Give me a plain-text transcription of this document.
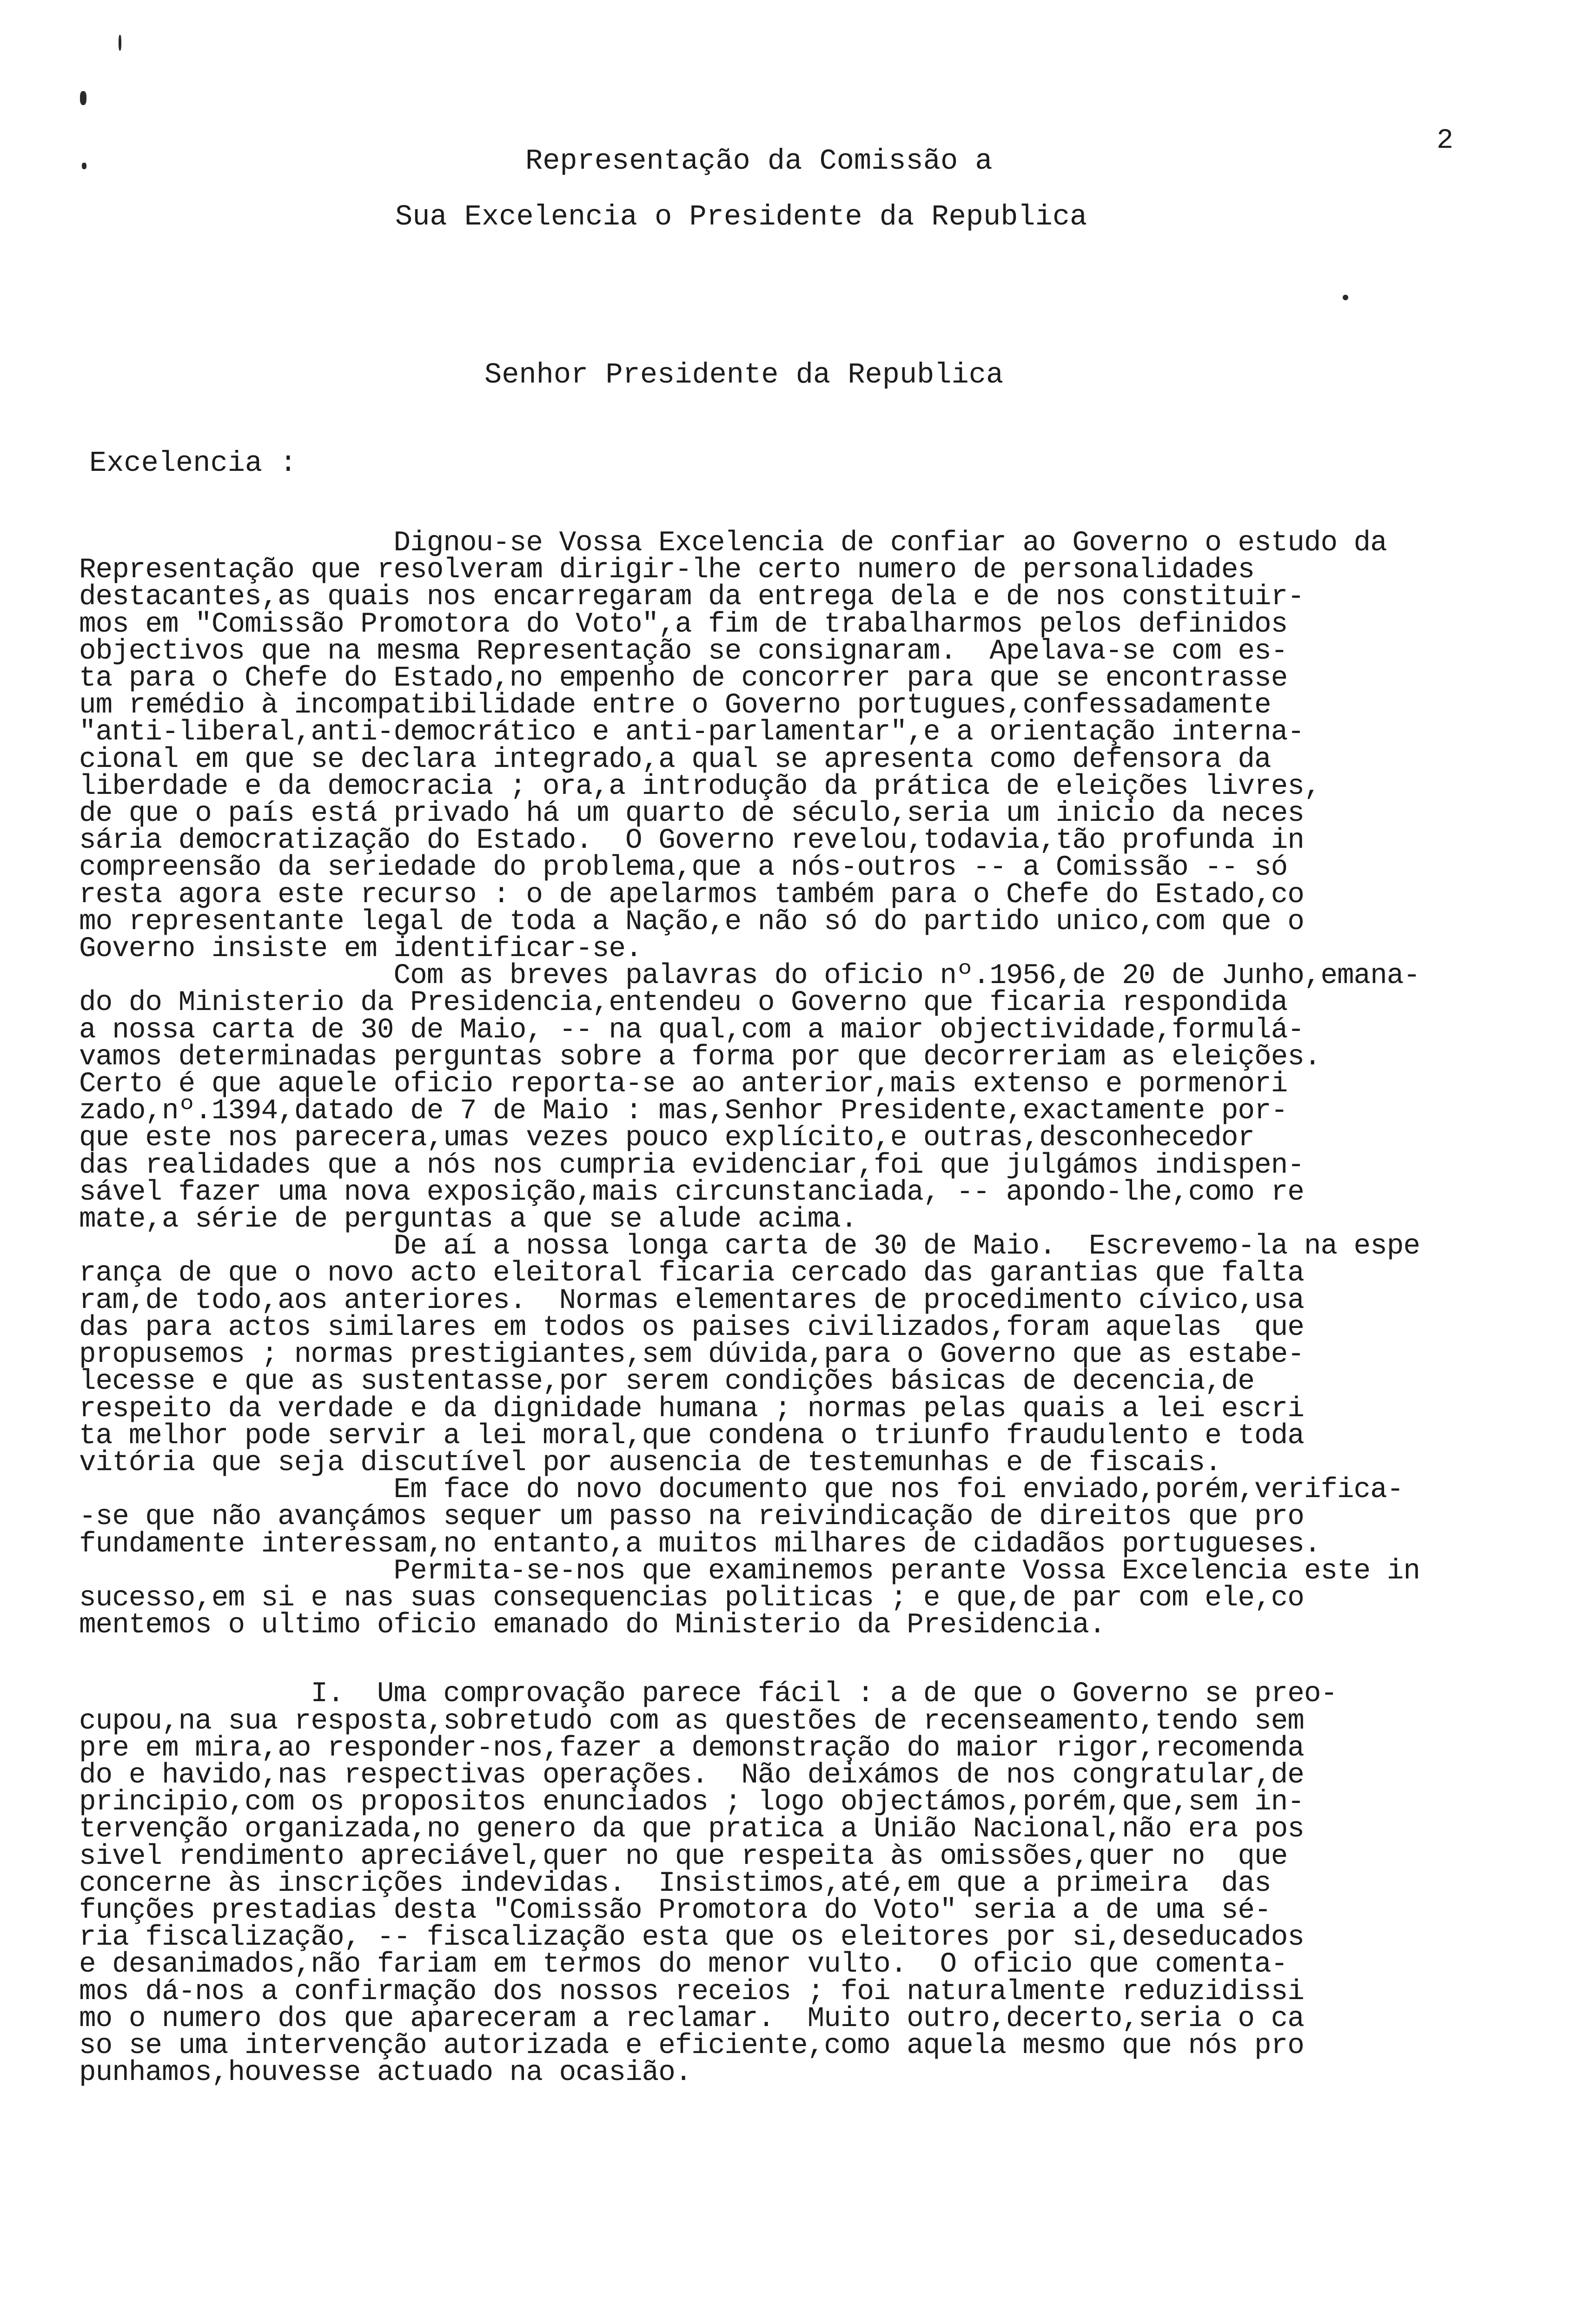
2
Representação da Comissão a
Sua Excelencia o Presidente da Republica
Senhor Presidente da Republica
Excelencia :
Dignou-se Vossa Excelencia de confiar ao Governo o estudo da
Representação que resolveram dirigir-lhe certo numero de personalidades
destacantes,as quais nos encarregaram da entrega dela e de nos constituir-
mos em "Comissão Promotora do Voto",a fim de trabalharmos pelos definidos
objectivos que na mesma Representação se consignaram.  Apelava-se com es-
ta para o Chefe do Estado,no empenho de concorrer para que se encontrasse
um remédio à incompatibilidade entre o Governo portugues,confessadamente
"anti-liberal,anti-democrático e anti-parlamentar",e a orientação interna-
cional em que se declara integrado,a qual se apresenta como defensora da
liberdade e da democracia ; ora,a introdução da prática de eleições livres,
de que o país está privado há um quarto de século,seria um inicio da neces
sária democratização do Estado.  O Governo revelou,todavia,tão profunda in
compreensão da seriedade do problema,que a nós-outros -- a Comissão -- só
resta agora este recurso : o de apelarmos também para o Chefe do Estado,co
mo representante legal de toda a Nação,e não só do partido unico,com que o
Governo insiste em identificar-se.
Com as breves palavras do oficio nº.1956,de 20 de Junho,emana-
do do Ministerio da Presidencia,entendeu o Governo que ficaria respondida
a nossa carta de 30 de Maio, -- na qual,com a maior objectividade,formulá-
vamos determinadas perguntas sobre a forma por que decorreriam as eleições.
Certo é que aquele oficio reporta-se ao anterior,mais extenso e pormenori
zado,nº.1394,datado de 7 de Maio : mas,Senhor Presidente,exactamente por-
que este nos parecera,umas vezes pouco explícito,e outras,desconhecedor
das realidades que a nós nos cumpria evidenciar,foi que julgámos indispen-
sável fazer uma nova exposição,mais circunstanciada, -- apondo-lhe,como re
mate,a série de perguntas a que se alude acima.
De aí a nossa longa carta de 30 de Maio.  Escrevemo-la na espe
rança de que o novo acto eleitoral ficaria cercado das garantias que falta
ram,de todo,aos anteriores.  Normas elementares de procedimento cívico,usa
das para actos similares em todos os paises civilizados,foram aquelas  que
propusemos ; normas prestigiantes,sem dúvida,para o Governo que as estabe-
lecesse e que as sustentasse,por serem condições básicas de decencia,de
respeito da verdade e da dignidade humana ; normas pelas quais a lei escri
ta melhor pode servir a lei moral,que condena o triunfo fraudulento e toda
vitória que seja discutível por ausencia de testemunhas e de fiscais.
Em face do novo documento que nos foi enviado,porém,verifica-
-se que não avançámos sequer um passo na reivindicação de direitos que pro
fundamente interessam,no entanto,a muitos milhares de cidadãos portugueses.
Permita-se-nos que examinemos perante Vossa Excelencia este in
sucesso,em si e nas suas consequencias politicas ; e que,de par com ele,co
mentemos o ultimo oficio emanado do Ministerio da Presidencia.
I.  Uma comprovação parece fácil : a de que o Governo se preo-
cupou,na sua resposta,sobretudo com as questões de recenseamento,tendo sem
pre em mira,ao responder-nos,fazer a demonstração do maior rigor,recomenda
do e havido,nas respectivas operações.  Não deixámos de nos congratular,de
principio,com os propositos enunciados ; logo objectámos,porém,que,sem in-
tervenção organizada,no genero da que pratica a União Nacional,não era pos
sivel rendimento apreciável,quer no que respeita às omissões,quer no  que
concerne às inscrições indevidas.  Insistimos,até,em que a primeira  das
funções prestadias desta "Comissão Promotora do Voto" seria a de uma sé-
ria fiscalização, -- fiscalização esta que os eleitores por si,deseducados
e desanimados,não fariam em termos do menor vulto.  O oficio que comenta-
mos dá-nos a confirmação dos nossos receios ; foi naturalmente reduzidissi
mo o numero dos que apareceram a reclamar.  Muito outro,decerto,seria o ca
so se uma intervenção autorizada e eficiente,como aquela mesmo que nós pro
punhamos,houvesse actuado na ocasião.
